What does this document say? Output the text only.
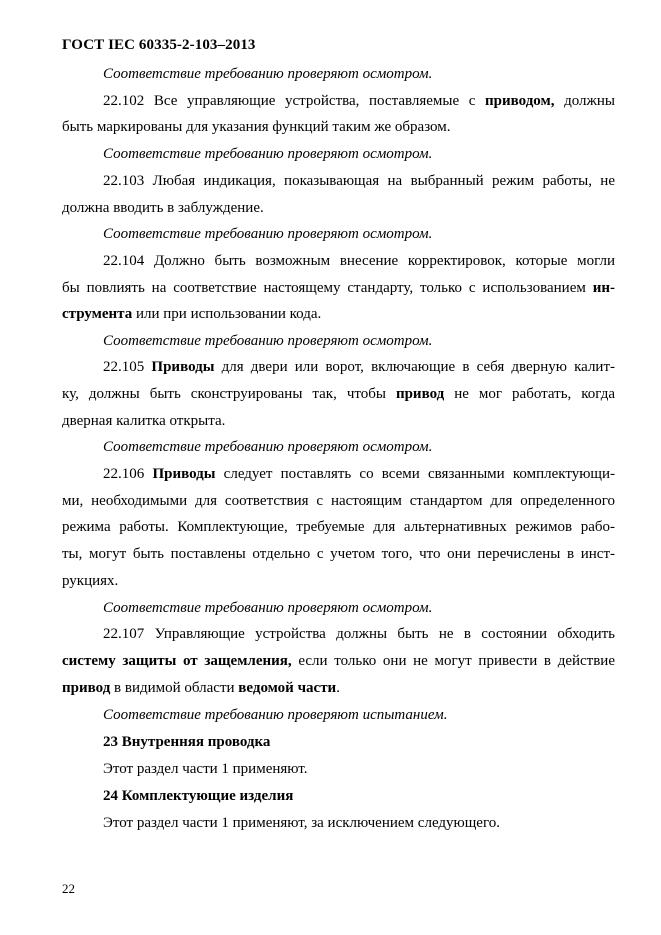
ГОСТ IEC 60335-2-103–2013
Соответствие требованию проверяют осмотром.
22.102 Все управляющие устройства, поставляемые с приводом, должны
быть маркированы для указания функций таким же образом.
Соответствие требованию проверяют осмотром.
22.103 Любая индикация, показывающая на выбранный режим работы, не
должна вводить в заблуждение.
Соответствие требованию проверяют осмотром.
22.104 Должно быть возможным внесение корректировок, которые могли
бы повлиять на соответствие настоящему стандарту, только с использованием ин-
струмента или при использовании кода.
Соответствие требованию проверяют осмотром.
22.105 Приводы для двери или ворот, включающие в себя дверную калит-
ку, должны быть сконструированы так, чтобы привод не мог работать, когда
дверная калитка открыта.
Соответствие требованию проверяют осмотром.
22.106 Приводы следует поставлять со всеми связанными комплектующи-
ми, необходимыми для соответствия с настоящим стандартом для определенного
режима работы. Комплектующие, требуемые для альтернативных режимов рабо-
ты, могут быть поставлены отдельно с учетом того, что они перечислены в инст-
рукциях.
Соответствие требованию проверяют осмотром.
22.107 Управляющие устройства должны быть не в состоянии обходить
систему защиты от защемления, если только они не могут привести в действие
привод в видимой области ведомой части.
Соответствие требованию проверяют испытанием.
23 Внутренняя проводка
Этот раздел части 1 применяют.
24 Комплектующие изделия
Этот раздел части 1 применяют, за исключением следующего.
22
